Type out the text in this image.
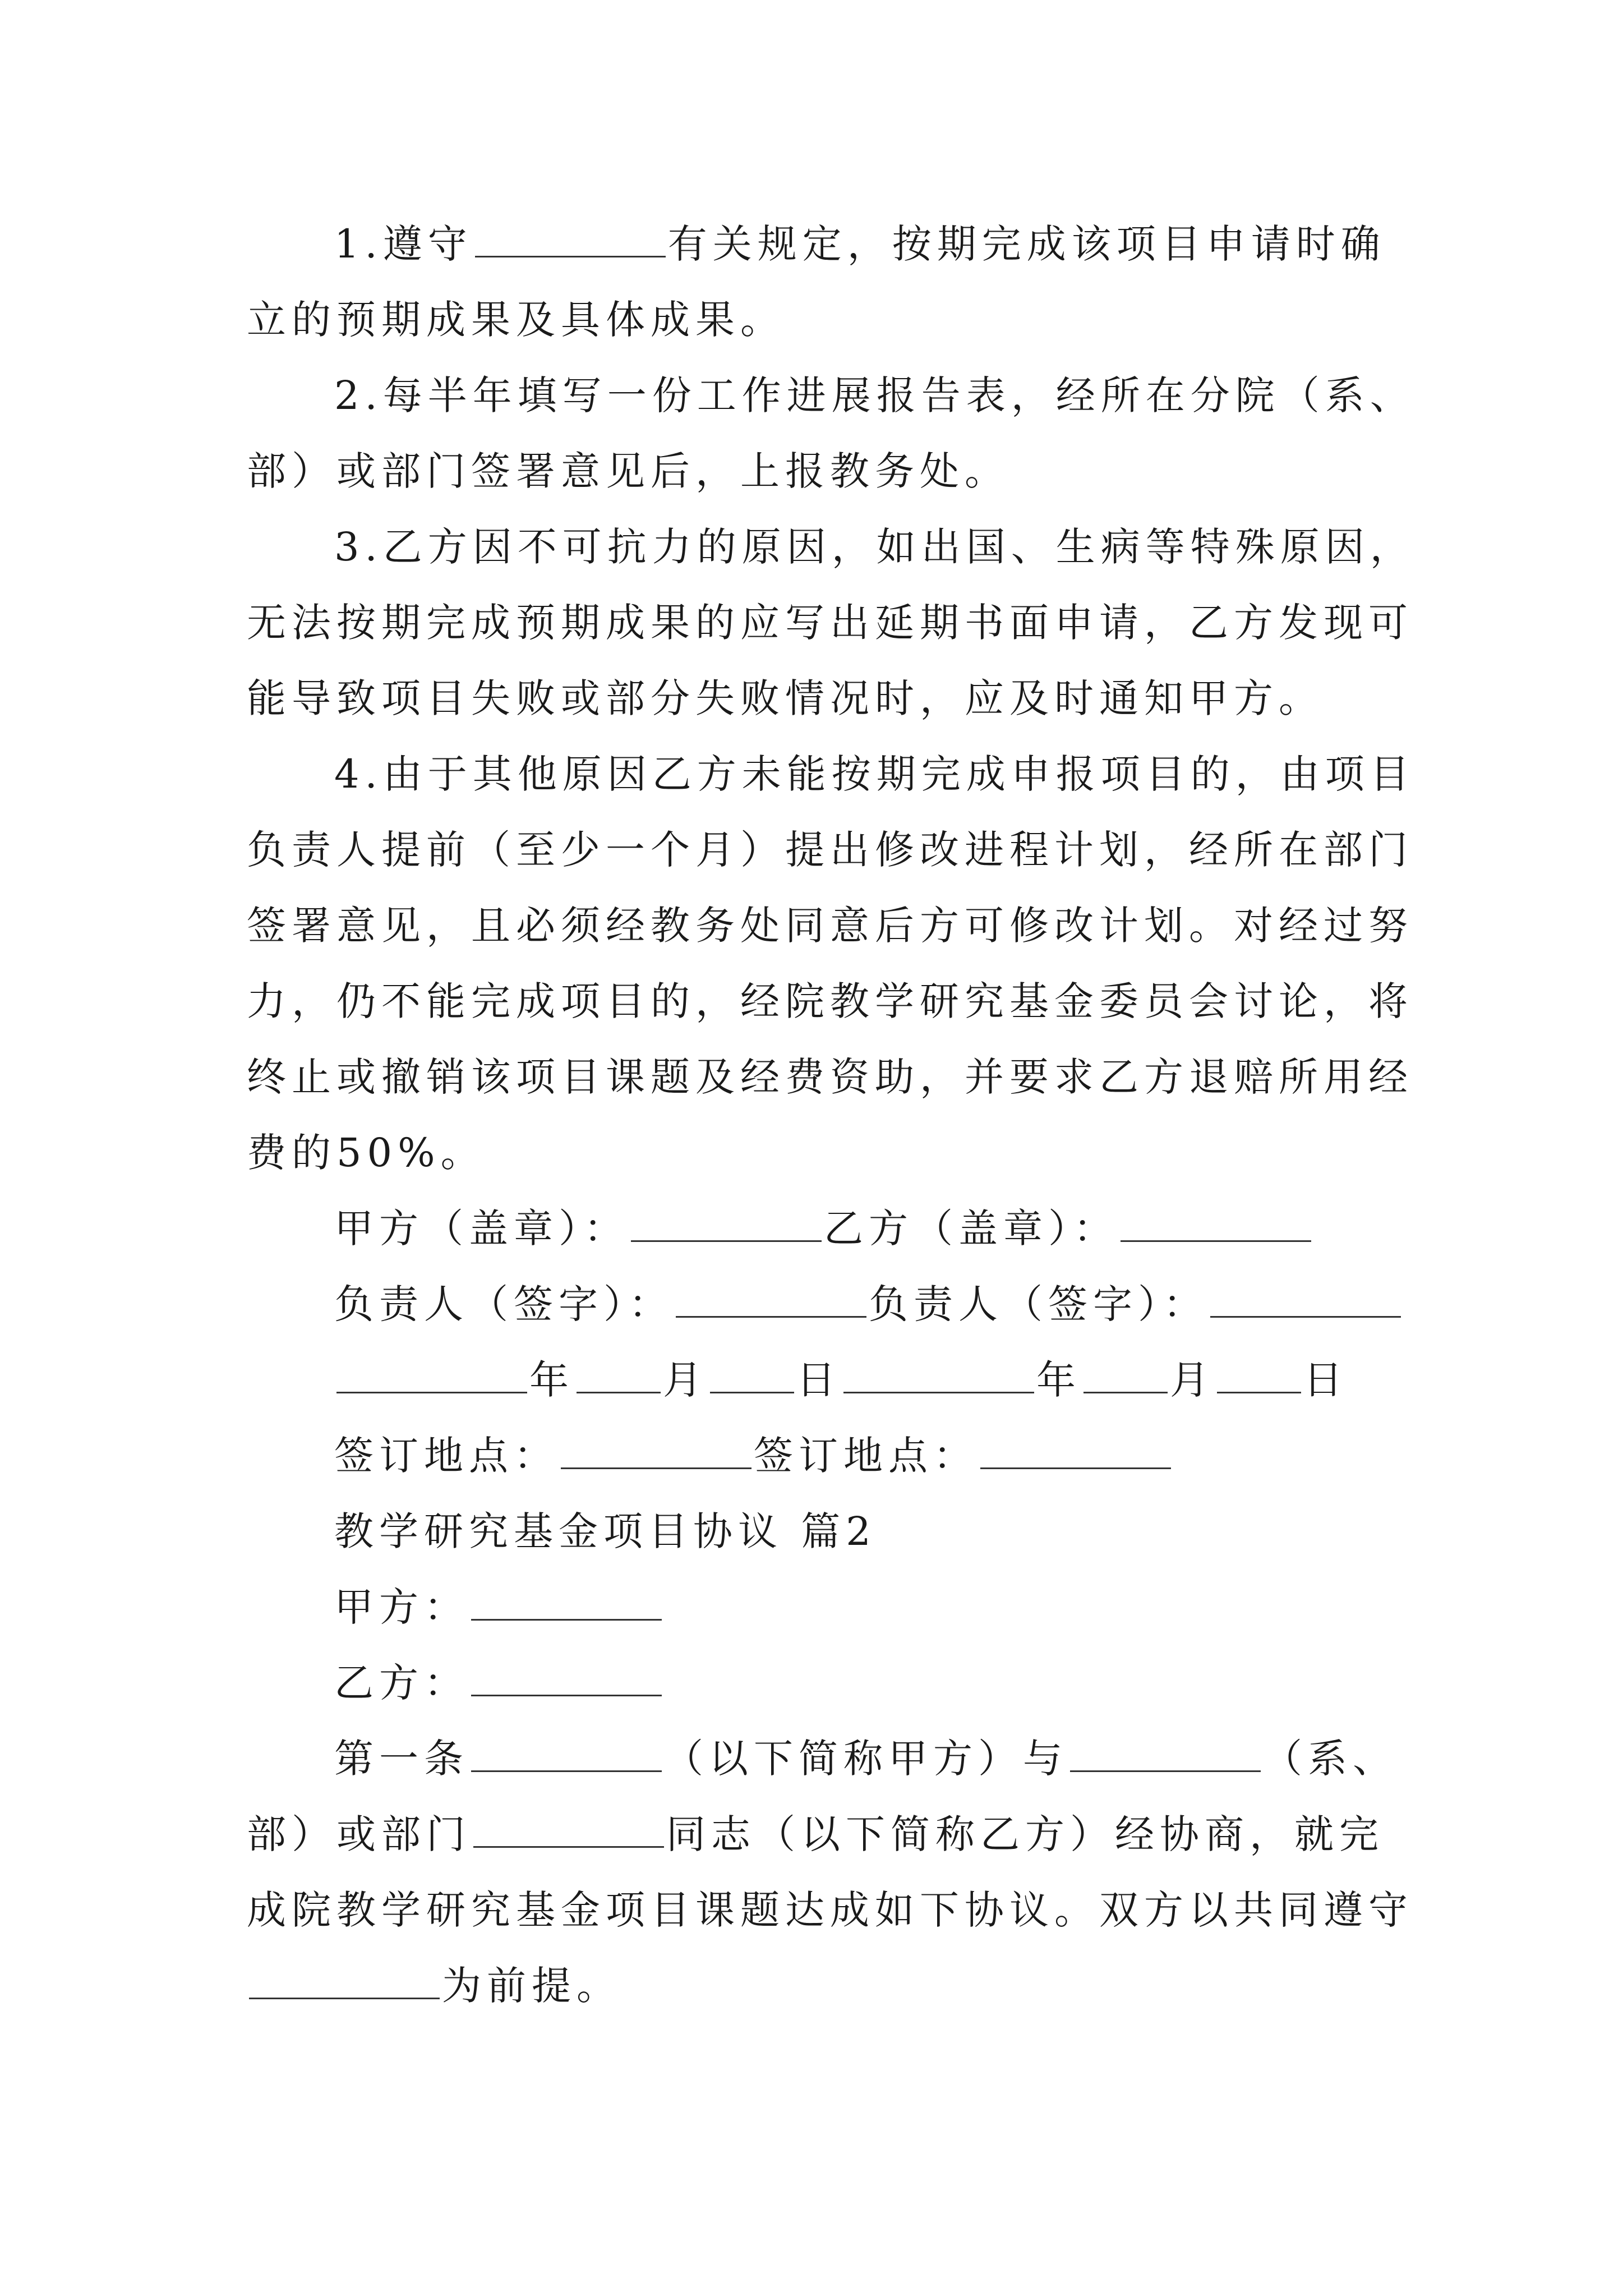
1.遵守	有关规定，按期完成该项目申请时确
立的预期成果及具体成果。
2.每半年填写一份工作进展报告表，经所在分院（系、
部）或部门签署意见后，上报教务处。
3.乙方因不可抗力的原因，如出国、生病等特殊原因，
无法按期完成预期成果的应写出延期书面申请，乙方发现可
能导致项目失败或部分失败情况时，应及时通知甲方。
4.由于其他原因乙方未能按期完成申报项目的，由项目
负责人提前（至少一个月）提出修改进程计划，经所在部门
签署意见，且必须经教务处同意后方可修改计划。对经过努
力，仍不能完成项目的，经院教学研究基金委员会讨论，将
终止或撤销该项目课题及经费资助，并要求乙方退赔所用经
费的50%。
甲方（盖章）：	乙方（盖章）：
负责人（签字）：	负责人（签字）：
年 月 日	年 月 日
签订地点：	签订地点：
教学研究基金项目协议 篇2
甲方：
乙方：
第一条	（以下简称甲方）与	（系、
部）或部门	同志（以下简称乙方）经协商，就完
成院教学研究基金项目课题达成如下协议。双方以共同遵守
为前提。
